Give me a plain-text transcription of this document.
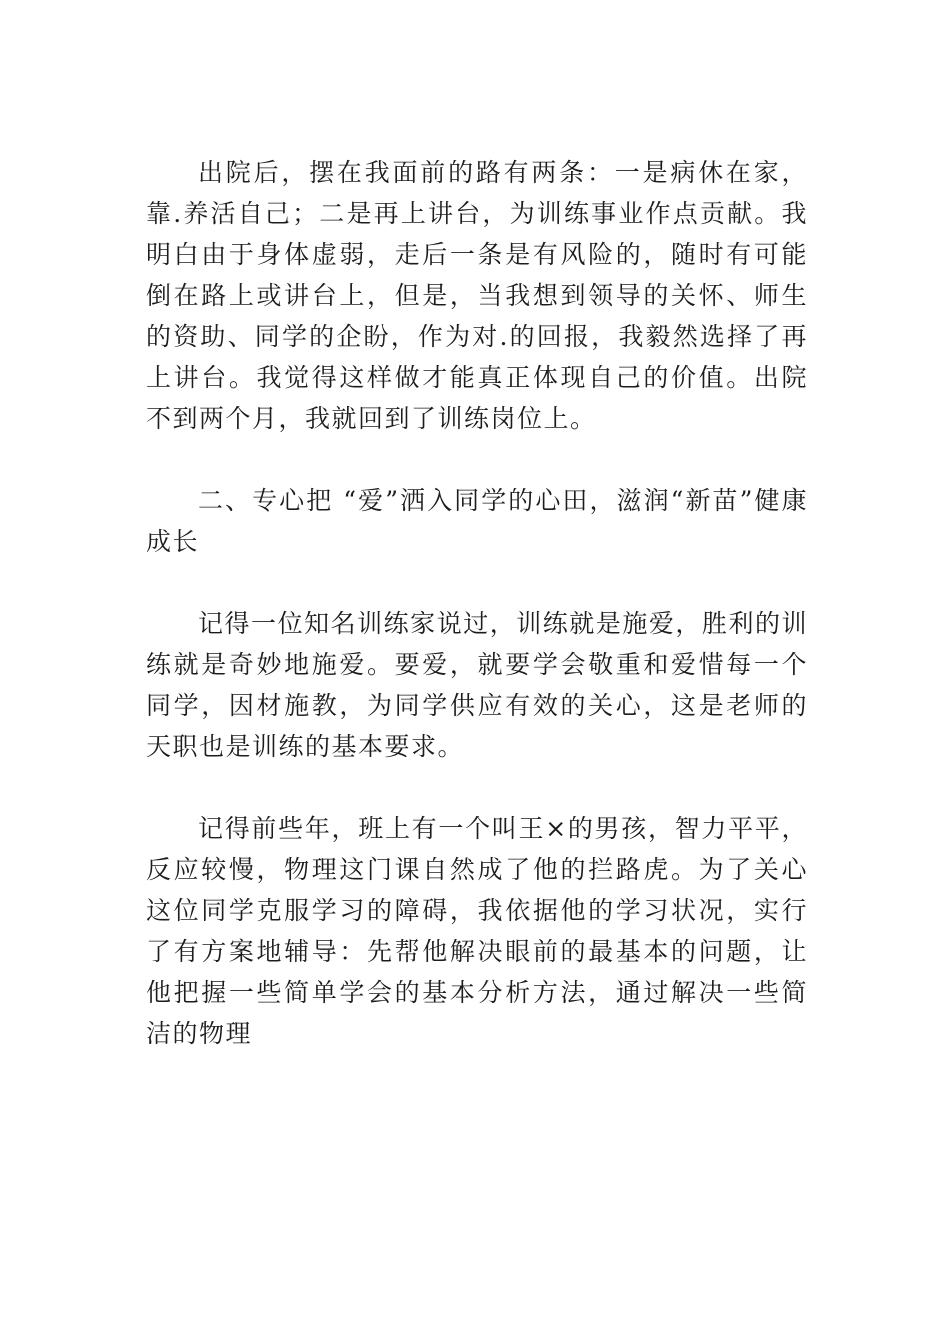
出院后，摆在我面前的路有两条：一是病休在家，靠.养活自己；二是再上讲台，为训练事业作点贡献。我明白由于身体虚弱，走后一条是有风险的，随时有可能倒在路上或讲台上，但是，当我想到领导的关怀、师生的资助、同学的企盼，作为对.的回报，我毅然选择了再上讲台。我觉得这样做才能真正体现自己的价值。出院不到两个月，我就回到了训练岗位上。

二、专心把 “爱”洒入同学的心田，滋润“新苗”健康成长

记得一位知名训练家说过，训练就是施爱，胜利的训练就是奇妙地施爱。要爱，就要学会敬重和爱惜每一个同学，因材施教，为同学供应有效的关心，这是老师的天职也是训练的基本要求。

记得前些年，班上有一个叫王×的男孩，智力平平，反应较慢，物理这门课自然成了他的拦路虎。为了关心这位同学克服学习的障碍，我依据他的学习状况，实行了有方案地辅导：先帮他解决眼前的最基本的问题，让他把握一些简单学会的基本分析方法，通过解决一些简洁的物理
